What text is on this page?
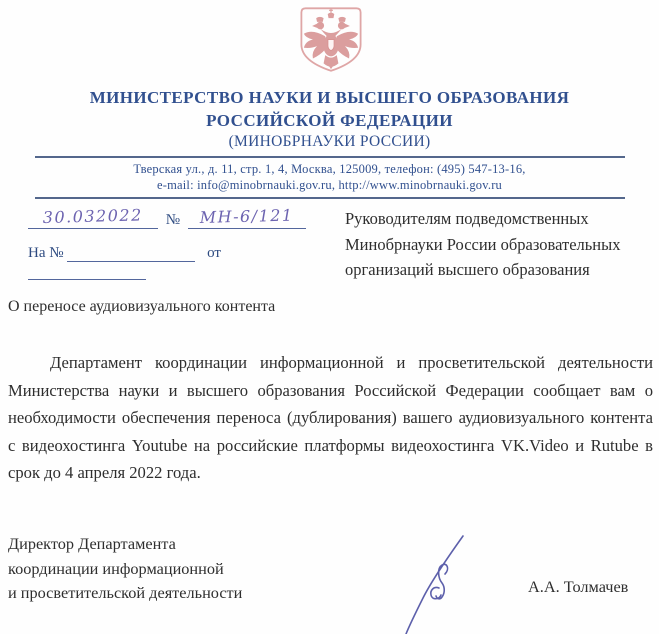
МИНИСТЕРСТВО НАУКИ И ВЫСШЕГО ОБРАЗОВАНИЯ
РОССИЙСКОЙ ФЕДЕРАЦИИ
(МИНОБРНАУКИ РОССИИ)
Тверская ул., д. 11, стр. 1, 4, Москва, 125009, телефон: (495) 547-13-16,
e-mail: info@minobrnauki.gov.ru, http://www.minobrnauki.gov.ru
30.032022 № МН-6/121
На №	от
Руководителям подведомственных
Минобрнауки России образовательных
организаций высшего образования
О переносе аудиовизуального контента
Департамент координации информационной и просветительской деятельности Министерства науки и высшего образования Российской Федерации сообщает вам о необходимости обеспечения переноса (дублирования) вашего аудиовизуального контента с видеохостинга Youtube на российские платформы видеохостинга VK.Video и Rutube в срок до 4 апреля 2022 года.
Директор Департамента
координации информационной
и просветительской деятельности	А.А. Толмачев
